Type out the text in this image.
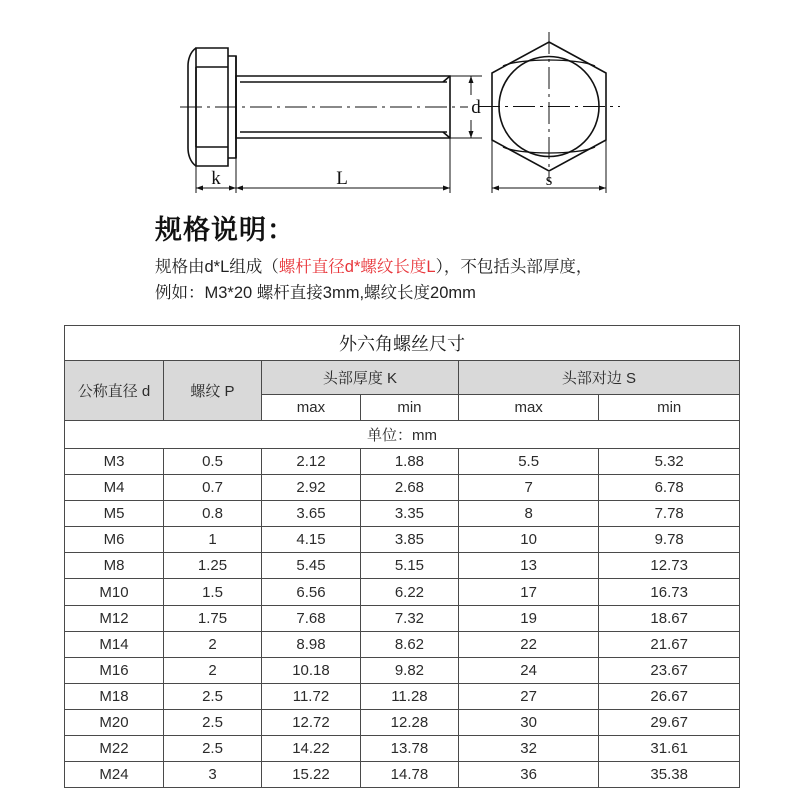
d
k	L	s
规格说明：
规格由d*L组成（螺杆直径d*螺纹长度L），不包括头部厚度，
例如：M3*20 螺杆直接3mm,螺纹长度20mm
外六角螺丝尺寸					
公称直径 d	螺纹 P	头部厚度 K		头部对边 S	
		max	min	max	min
单位：mm					
M3	0.5	2.12	1.88	5.5	5.32
M4	0.7	2.92	2.68	7	6.78
M5	0.8	3.65	3.35	8	7.78
M6	1	4.15	3.85	10	9.78
M8	1.25	5.45	5.15	13	12.73
M10	1.5	6.56	6.22	17	16.73
M12	1.75	7.68	7.32	19	18.67
M14	2	8.98	8.62	22	21.67
M16	2	10.18	9.82	24	23.67
M18	2.5	11.72	11.28	27	26.67
M20	2.5	12.72	12.28	30	29.67
M22	2.5	14.22	13.78	32	31.61
M24	3	15.22	14.78	36	35.38
